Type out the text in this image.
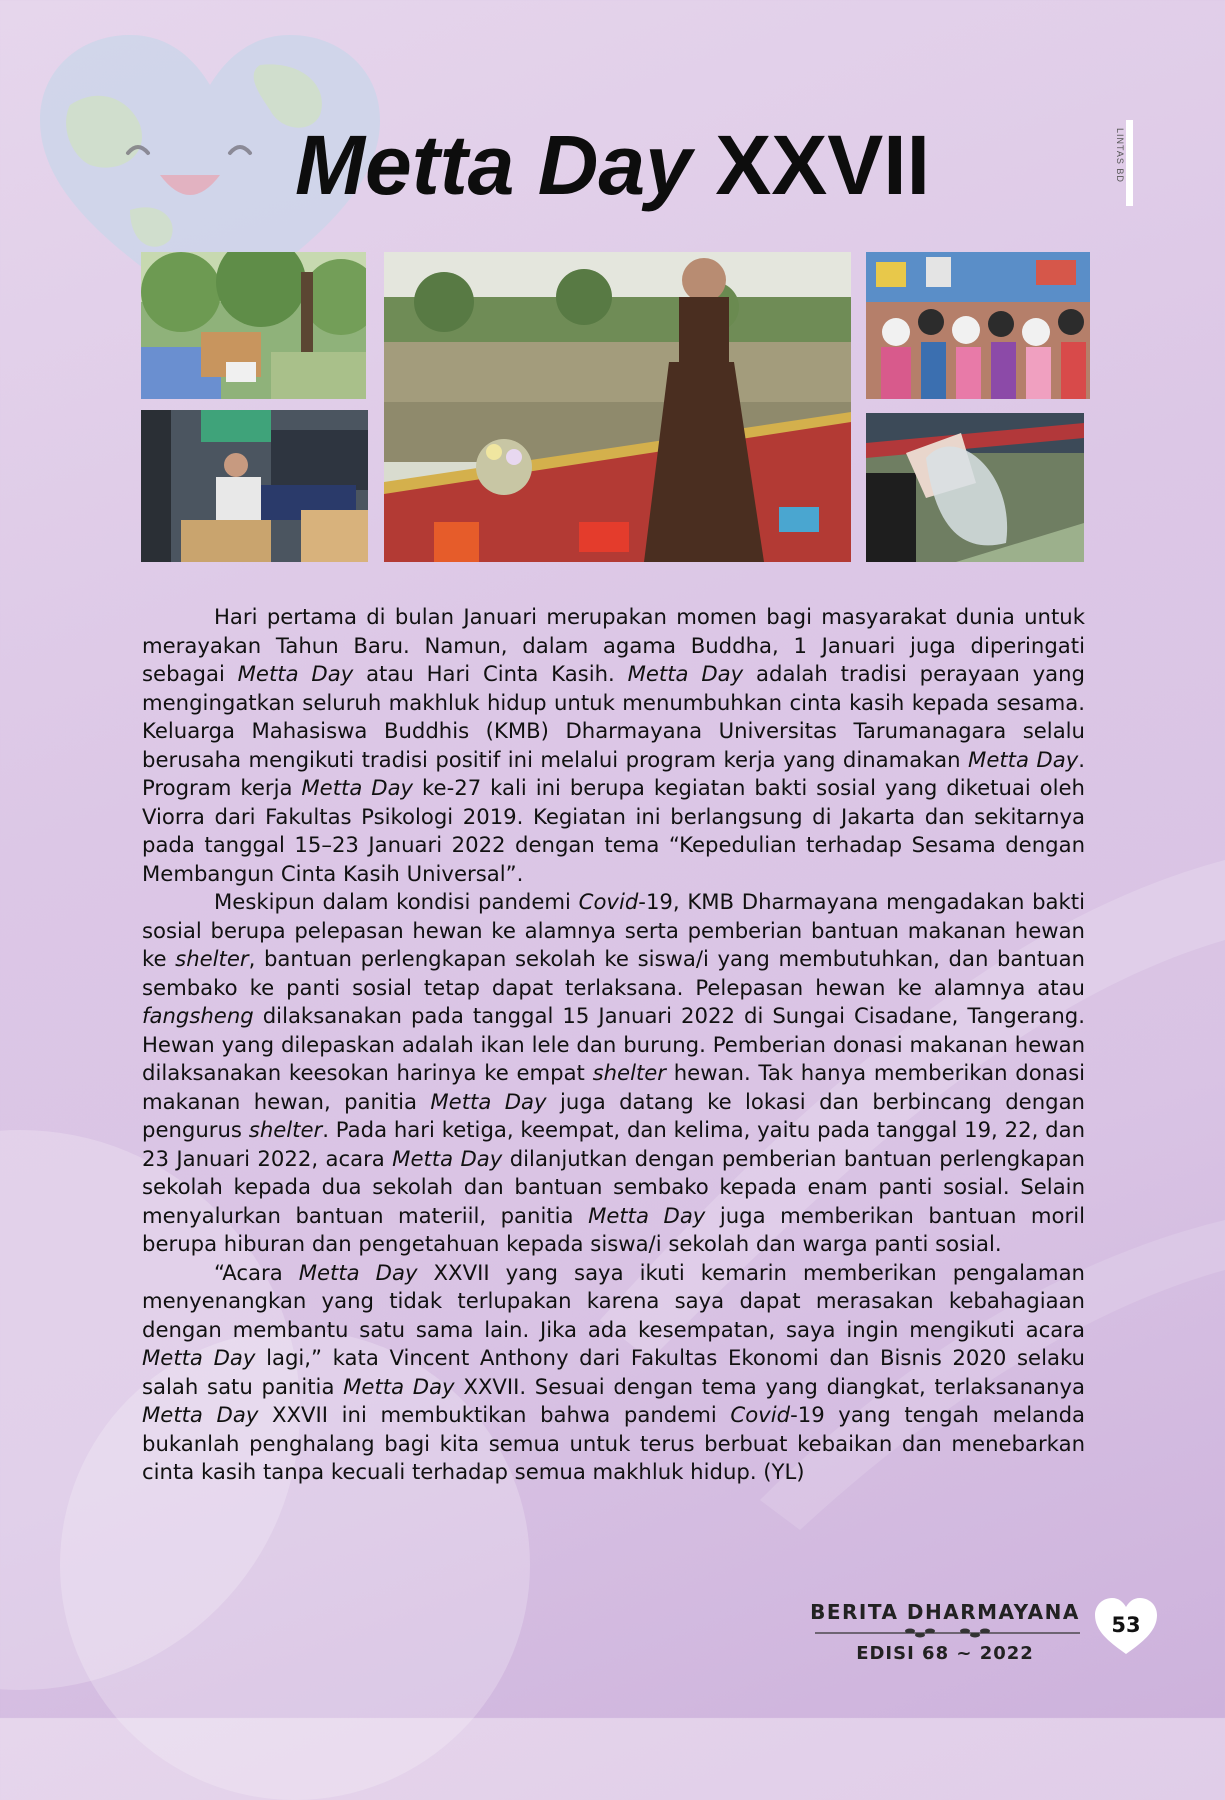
LINTAS BD
Metta Day XXVII

Hari pertama di bulan Januari merupakan momen bagi masyarakat dunia untuk merayakan Tahun Baru. Namun, dalam agama Buddha, 1 Januari juga diperingati sebagai Metta Day atau Hari Cinta Kasih. Metta Day adalah tradisi perayaan yang mengingatkan seluruh makhluk hidup untuk menumbuhkan cinta kasih kepada sesama. Keluarga Mahasiswa Buddhis (KMB) Dharmayana Universitas Tarumanagara selalu berusaha mengikuti tradisi positif ini melalui program kerja yang dinamakan Metta Day. Program kerja Metta Day ke-27 kali ini berupa kegiatan bakti sosial yang diketuai oleh Viorra dari Fakultas Psikologi 2019. Kegiatan ini berlangsung di Jakarta dan sekitarnya pada tanggal 15–23 Januari 2022 dengan tema “Kepedulian terhadap Sesama dengan Membangun Cinta Kasih Universal”.

Meskipun dalam kondisi pandemi Covid-19, KMB Dharmayana mengadakan bakti sosial berupa pelepasan hewan ke alamnya serta pemberian bantuan makanan hewan ke shelter, bantuan perlengkapan sekolah ke siswa/i yang membutuhkan, dan bantuan sembako ke panti sosial tetap dapat terlaksana. Pelepasan hewan ke alamnya atau fangsheng dilaksanakan pada tanggal 15 Januari 2022 di Sungai Cisadane, Tangerang. Hewan yang dilepaskan adalah ikan lele dan burung. Pemberian donasi makanan hewan dilaksanakan keesokan harinya ke empat shelter hewan. Tak hanya memberikan donasi makanan hewan, panitia Metta Day juga datang ke lokasi dan berbincang dengan pengurus shelter. Pada hari ketiga, keempat, dan kelima, yaitu pada tanggal 19, 22, dan 23 Januari 2022, acara Metta Day dilanjutkan dengan pemberian bantuan perlengkapan sekolah kepada dua sekolah dan bantuan sembako kepada enam panti sosial. Selain menyalurkan bantuan materiil, panitia Metta Day juga memberikan bantuan moril berupa hiburan dan pengetahuan kepada siswa/i sekolah dan warga panti sosial.

“Acara Metta Day XXVII yang saya ikuti kemarin memberikan pengalaman menyenangkan yang tidak terlupakan karena saya dapat merasakan kebahagiaan dengan membantu satu sama lain. Jika ada kesempatan, saya ingin mengikuti acara Metta Day lagi,” kata Vincent Anthony dari Fakultas Ekonomi dan Bisnis 2020 selaku salah satu panitia Metta Day XXVII. Sesuai dengan tema yang diangkat, terlaksananya Metta Day XXVII ini membuktikan bahwa pandemi Covid-19 yang tengah melanda bukanlah penghalang bagi kita semua untuk terus berbuat kebaikan dan menebarkan cinta kasih tanpa kecuali terhadap semua makhluk hidup. (YL)

BERITA DHARMAYANA
EDISI 68 ~ 2022
53
